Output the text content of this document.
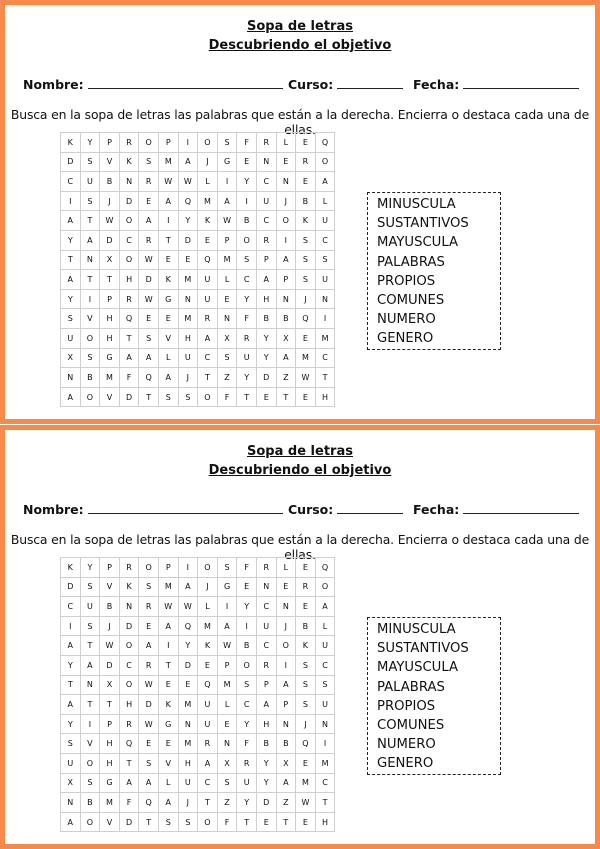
Sopa de letras
Descubriendo el objetivo
Nombre:	Curso:	Fecha:
Busca en la sopa de letras las palabras que están a la derecha. Encierra o destaca cada una de ellas.
K	Y	P	R	O	P	I	O	S	F	R	L	E	Q
D	S	V	K	S	M	A	J	G	E	N	E	R	O
C	U	B	N	R	W	W	L	I	Y	C	N	E	A
I	S	J	D	E	A	Q	M	A	I	U	J	B	L
A	T	W	O	A	I	Y	K	W	B	C	O	K	U
Y	A	D	C	R	T	D	E	P	O	R	I	S	C
T	N	X	O	W	E	E	Q	M	S	P	A	S	S
A	T	T	H	D	K	M	U	L	C	A	P	S	U
Y	I	P	R	W	G	N	U	E	Y	H	N	J	N
S	V	H	Q	E	E	M	R	N	F	B	B	Q	I
U	O	H	T	S	V	H	A	X	R	Y	X	E	M
X	S	G	A	A	L	U	C	S	U	Y	A	M	C
N	B	M	F	Q	A	J	T	Z	Y	D	Z	W	T
A	O	V	D	T	S	S	O	F	T	E	T	E	H
MINUSCULA
SUSTANTIVOS
MAYUSCULA
PALABRAS
PROPIOS
COMUNES
NUMERO
GENERO
Sopa de letras
Descubriendo el objetivo
Nombre:	Curso:	Fecha:
Busca en la sopa de letras las palabras que están a la derecha. Encierra o destaca cada una de ellas.
K	Y	P	R	O	P	I	O	S	F	R	L	E	Q
D	S	V	K	S	M	A	J	G	E	N	E	R	O
C	U	B	N	R	W	W	L	I	Y	C	N	E	A
I	S	J	D	E	A	Q	M	A	I	U	J	B	L
A	T	W	O	A	I	Y	K	W	B	C	O	K	U
Y	A	D	C	R	T	D	E	P	O	R	I	S	C
T	N	X	O	W	E	E	Q	M	S	P	A	S	S
A	T	T	H	D	K	M	U	L	C	A	P	S	U
Y	I	P	R	W	G	N	U	E	Y	H	N	J	N
S	V	H	Q	E	E	M	R	N	F	B	B	Q	I
U	O	H	T	S	V	H	A	X	R	Y	X	E	M
X	S	G	A	A	L	U	C	S	U	Y	A	M	C
N	B	M	F	Q	A	J	T	Z	Y	D	Z	W	T
A	O	V	D	T	S	S	O	F	T	E	T	E	H
MINUSCULA
SUSTANTIVOS
MAYUSCULA
PALABRAS
PROPIOS
COMUNES
NUMERO
GENERO
